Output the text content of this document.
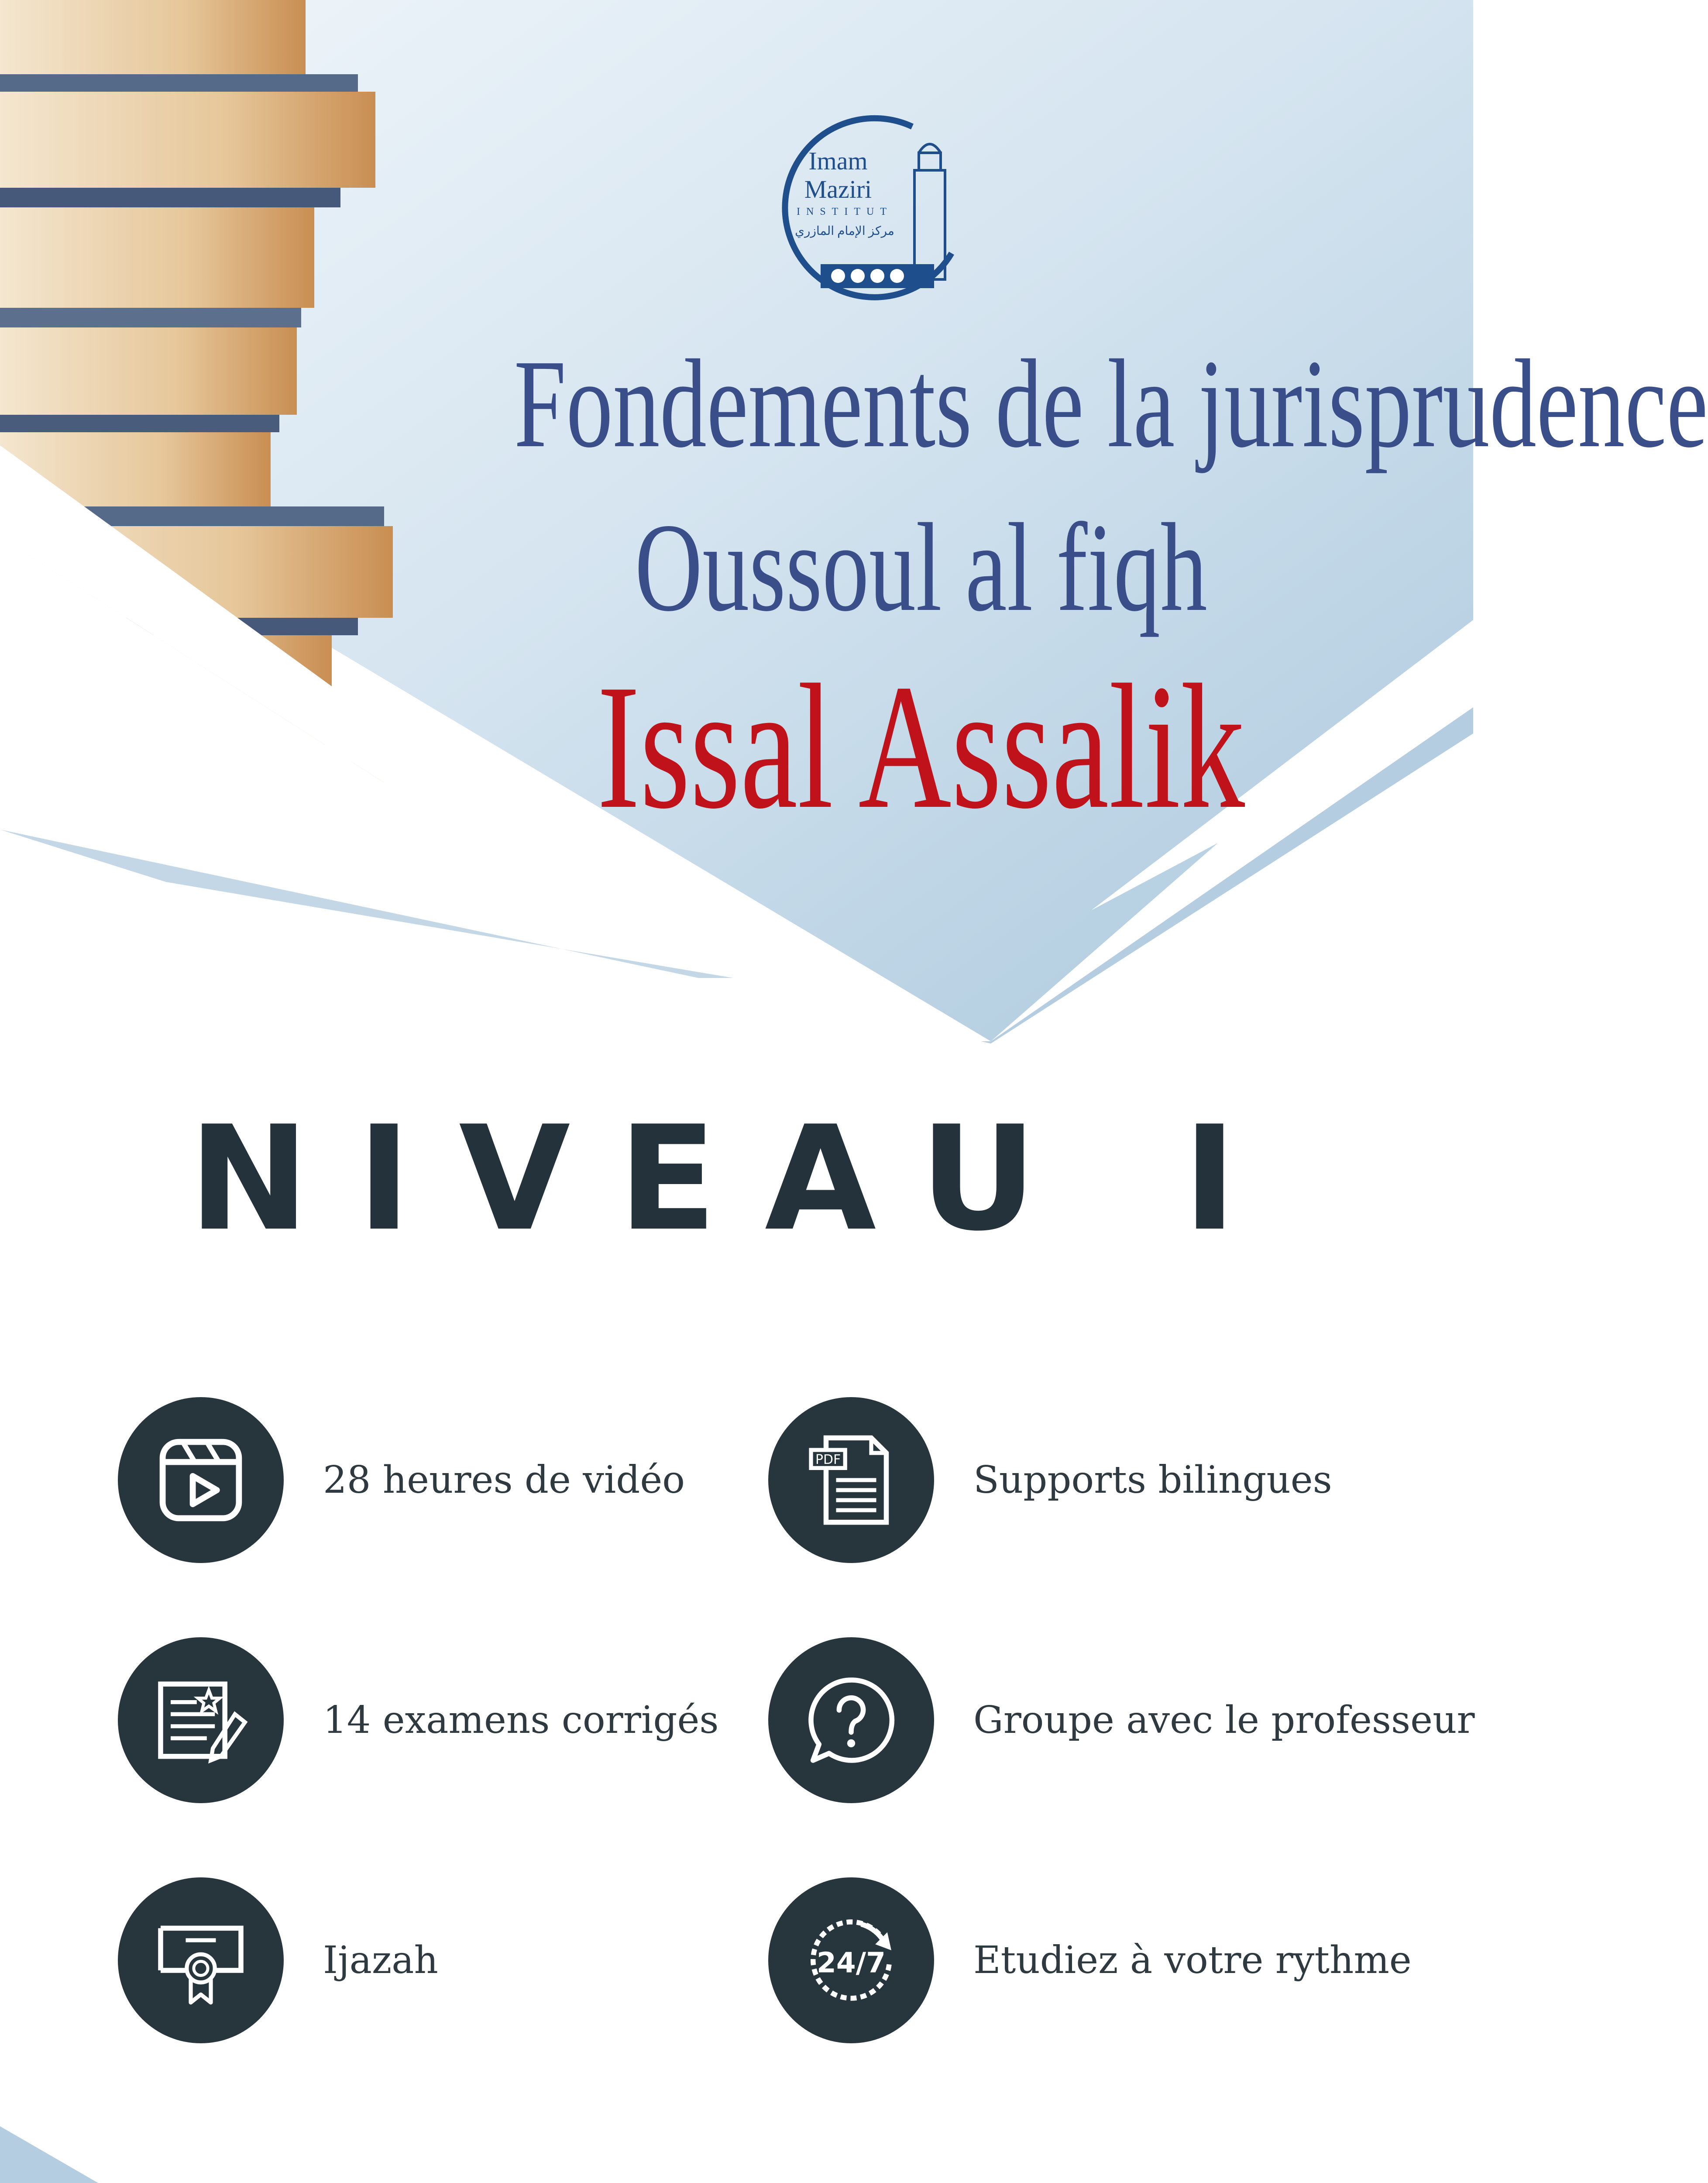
Imam
Maziri
INSTITUT
مركز الإمام المازري
Fondements de la jurisprudence
Oussoul al fiqh
Issal Assalik
NIVEAU I
28 heures de vidéo	PDF	Supports bilingues
14 examens corrigés	Groupe avec le professeur
Ijazah	24/7 Etudiez à votre rythme
